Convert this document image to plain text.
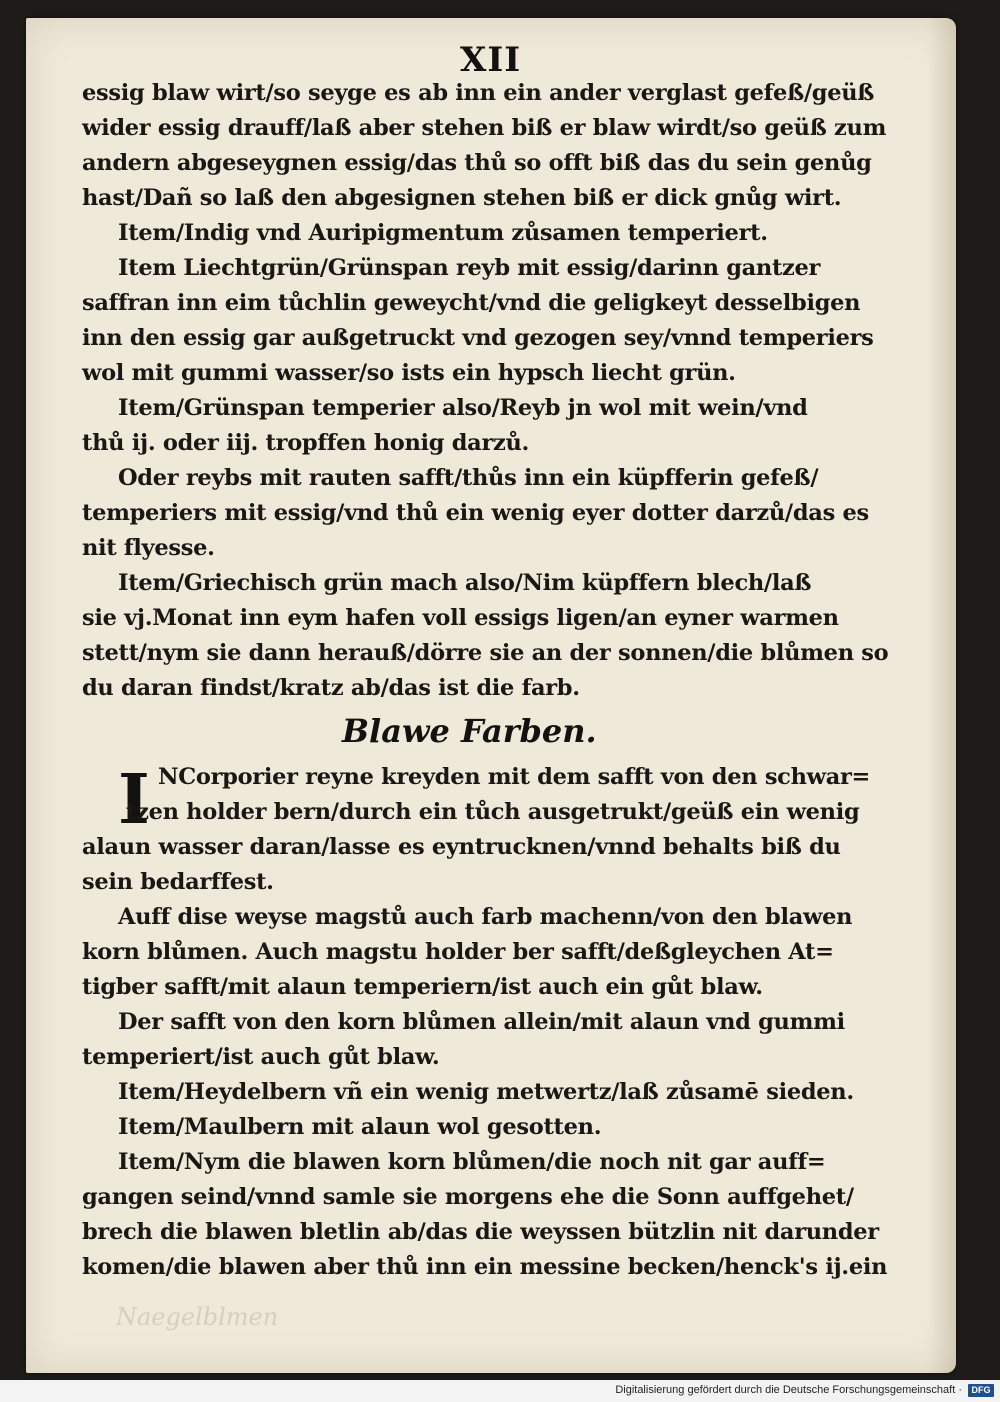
XII
essig blaw wirt/so seyge es ab inn ein ander verglast gefeß/geüß
wider essig drauff/laß aber stehen biß er blaw wirdt/so geüß zum
andern abgeseygnen essig/das thů so offt biß das du sein genůg
hast/Dañ so laß den abgesignen stehen biß er dick gnůg wirt.
Item/Indig vnd Auripigmentum zůsamen temperiert.
Item Liechtgrün/Grünspan reyb mit essig/darinn gantzer
saffran inn eim tůchlin geweycht/vnd die geligkeyt desselbigen
inn den essig gar außgetruckt vnd gezogen sey/vnnd temperiers
wol mit gummi wasser/so ists ein hypsch liecht grün.
Item/Grünspan temperier also/Reyb jn wol mit wein/vnd
thů ij. oder iij. tropffen honig darzů.
Oder reybs mit rauten safft/thůs inn ein küpfferin gefeß/
temperiers mit essig/vnd thů ein wenig eyer dotter darzů/das es
nit flyesse.
Item/Griechisch grün mach also/Nim küpffern blech/laß
sie vj.Monat inn eym hafen voll essigs ligen/an eyner warmen
stett/nym sie dann herauß/dörre sie an der sonnen/die blůmen so
du daran findst/kratz ab/das ist die farb.
Blawe Farben.
I NCorporier reyne kreyden mit dem safft von den schwar=
tzen holder bern/durch ein tůch ausgetrukt/geüß ein wenig
alaun wasser daran/lasse es eyntrucknen/vnnd behalts biß du
sein bedarffest.
Auff dise weyse magstů auch farb machenn/von den blawen
korn blůmen. Auch magstu holder ber safft/deßgleychen At=
tigber safft/mit alaun temperiern/ist auch ein gůt blaw.
Der safft von den korn blůmen allein/mit alaun vnd gummi
temperiert/ist auch gůt blaw.
Item/Heydelbern vñ ein wenig metwertz/laß zůsamē sieden.
Item/Maulbern mit alaun wol gesotten.
Item/Nym die blawen korn blůmen/die noch nit gar auff=
gangen seind/vnnd samle sie morgens ehe die Sonn auffgehet/
brech die blawen bletlin ab/das die weyssen bützlin nit darunder
komen/die blawen aber thů inn ein messine becken/henck's ij.ein
Naegelblmen
Digitalisierung gefördert durch die Deutsche Forschungsgemeinschaft ·	DFG
